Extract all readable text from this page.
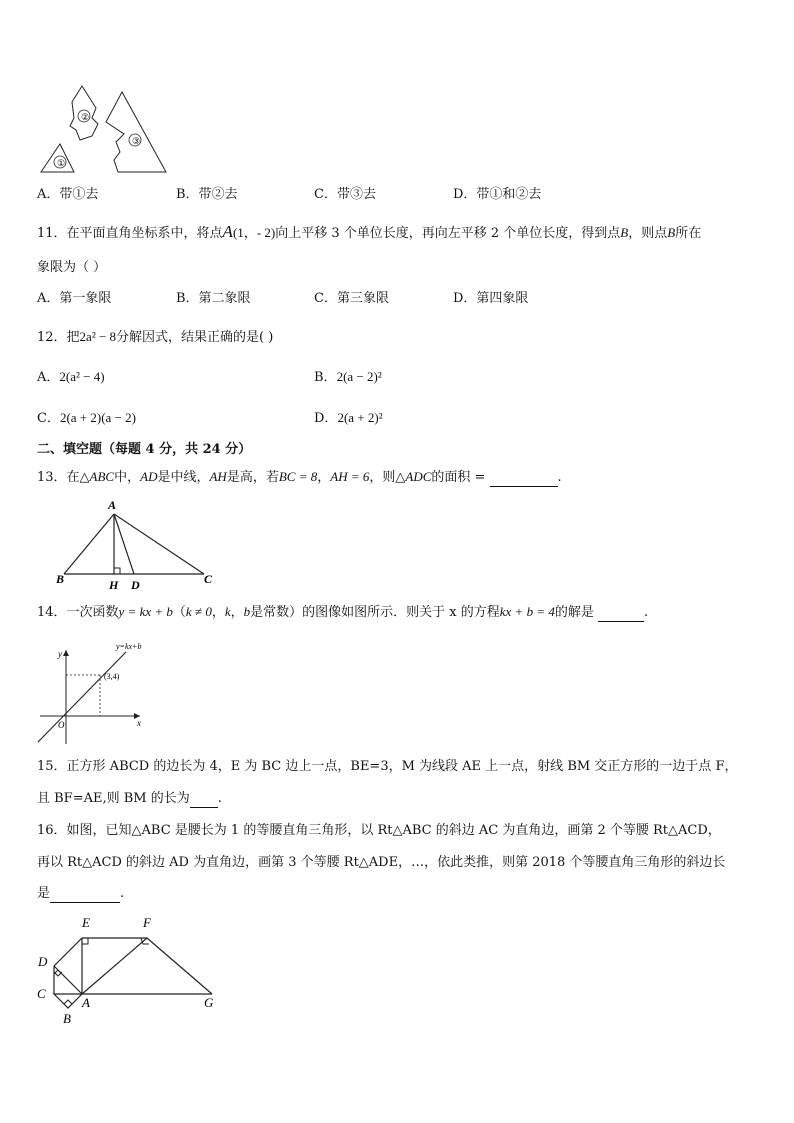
①
②
③
A．带①去	B．带②去	C．带③去	D．带①和②去
11．在平面直角坐标系中，将点A(1，- 2)向上平移 3 个单位长度，再向左平移 2 个单位长度，得到点B，则点B所在
象限为（ ）
A．第一象限	B．第二象限	C．第三象限	D．第四象限
12．把2a² − 8分解因式，结果正确的是( )
A．2(a² − 4)	B．2(a − 2)²
C．2(a + 2)(a − 2)	D．2(a + 2)²
二、填空题（每题 4 分，共 24 分）
13．在△ABC中，AD是中线，AH是高，若BC = 8，AH = 6，则△ADC的面积 =	.
A
B	H D	C
14．一次函数y = kx + b（k ≠ 0，k，b是常数）的图像如图所示．则关于 x 的方程kx + b = 4的解是	.
y=kx+b
y
x
O
(3,4)
15．正方形 ABCD 的边长为 4，E 为 BC 边上一点，BE=3，M 为线段 AE 上一点，射线 BM 交正方形的一边于点 F，
且 BF=AE,则 BM 的长为 .
16．如图，已知△ABC 是腰长为 1 的等腰直角三角形，以 Rt△ABC 的斜边 AC 为直角边，画第 2 个等腰 Rt△ACD，
再以 Rt△ACD 的斜边 AD 为直角边，画第 3 个等腰 Rt△ADE，…，依此类推，则第 2018 个等腰直角三角形的斜边长
是	.
E	F
D
C
A	G
B
